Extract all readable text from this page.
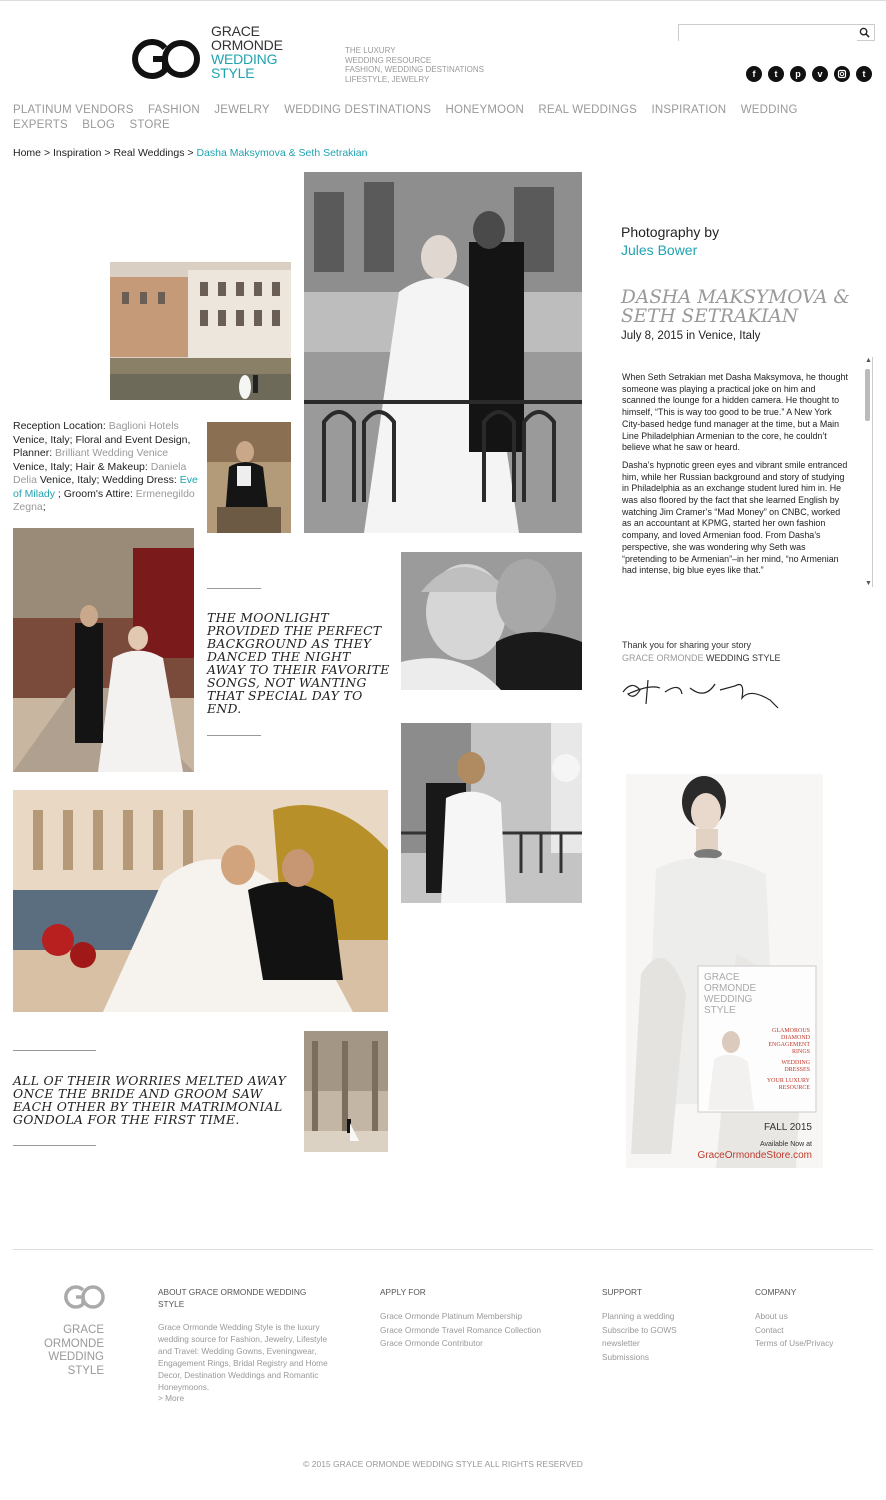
GRACE
ORMONDE
WEDDING
STYLE
THE LUXURY
WEDDING RESOURCE
FASHION, WEDDING DESTINATIONS
LIFESTYLE, JEWELRY	f	t	p	v	t
PLATINUM VENDORS FASHION JEWELRY WEDDING DESTINATIONS HONEYMOON REAL WEDDINGS INSPIRATION WEDDING EXPERTS BLOG STORE
Home > Inspiration > Real Weddings > Dasha Maksymova & Seth Setrakian
Reception Location: Baglioni Hotels Venice, Italy; Floral and Event Design, Planner: Brilliant Wedding Venice Venice, Italy; Hair & Makeup: Daniela Delia Venice, Italy; Wedding Dress: Eve of Milady ; Groom's Attire: Ermenegildo Zegna;
THE MOONLIGHT PROVIDED THE PERFECT BACKGROUND AS THEY DANCED THE NIGHT AWAY TO THEIR FAVORITE SONGS, NOT WANTING THAT SPECIAL DAY TO END.
ALL OF THEIR WORRIES MELTED AWAY ONCE THE BRIDE AND GROOM SAW EACH OTHER BY THEIR MATRIMONIAL GONDOLA FOR THE FIRST TIME.
Photography by
Jules Bower
DASHA MAKSYMOVA & SETH SETRAKIAN
July 8, 2015 in Venice, Italy

When Seth Setrakian met Dasha Maksymova, he thought someone was playing a practical joke on him and scanned the lounge for a hidden camera. He thought to himself, “This is way too good to be true.” A New York City-based hedge fund manager at the time, but a Main Line Philadelphian Armenian to the core, he couldn’t believe what he saw or heard.

Dasha’s hypnotic green eyes and vibrant smile entranced him, while her Russian background and story of studying in Philadelphia as an exchange student lured him in. He was also floored by the fact that she learned English by watching Jim Cramer’s “Mad Money” on CNBC, worked as an accountant at KPMG, started her own fashion company, and loved Armenian food. From Dasha’s perspective, she was wondering why Seth was “pretending to be Armenian”–in her mind, “no Armenian had intense, big blue eyes like that.”

▲
▼
Thank you for sharing your story
GRACE ORMONDE WEDDING STYLE
GRACE
ORMONDE
WEDDING
STYLE
GLAMOROUS
DIAMOND
ENGAGEMENT
RINGS
WEDDING
DRESSES
YOUR LUXURY
RESOURCE
FALL 2015
Available Now at
GraceOrmondeStore.com
GRACE
ORMONDE
WEDDING
STYLE
ABOUT GRACE ORMONDE WEDDING STYLE
Grace Ormonde Wedding Style is the luxury wedding source for Fashion, Jewelry, Lifestyle and Travel: Wedding Gowns, Eveningwear, Engagement Rings, Bridal Registry and Home Decor, Destination Weddings and Romantic Honeymoons.
> More
APPLY FOR
Grace Ormonde Platinum Membership
Grace Ormonde Travel Romance Collection
Grace Ormonde Contributor
SUPPORT
Planning a wedding
Subscribe to GOWS newsletter
Submissions
COMPANY
About us
Contact
Terms of Use/Privacy
© 2015 GRACE ORMONDE WEDDING STYLE ALL RIGHTS RESERVED
